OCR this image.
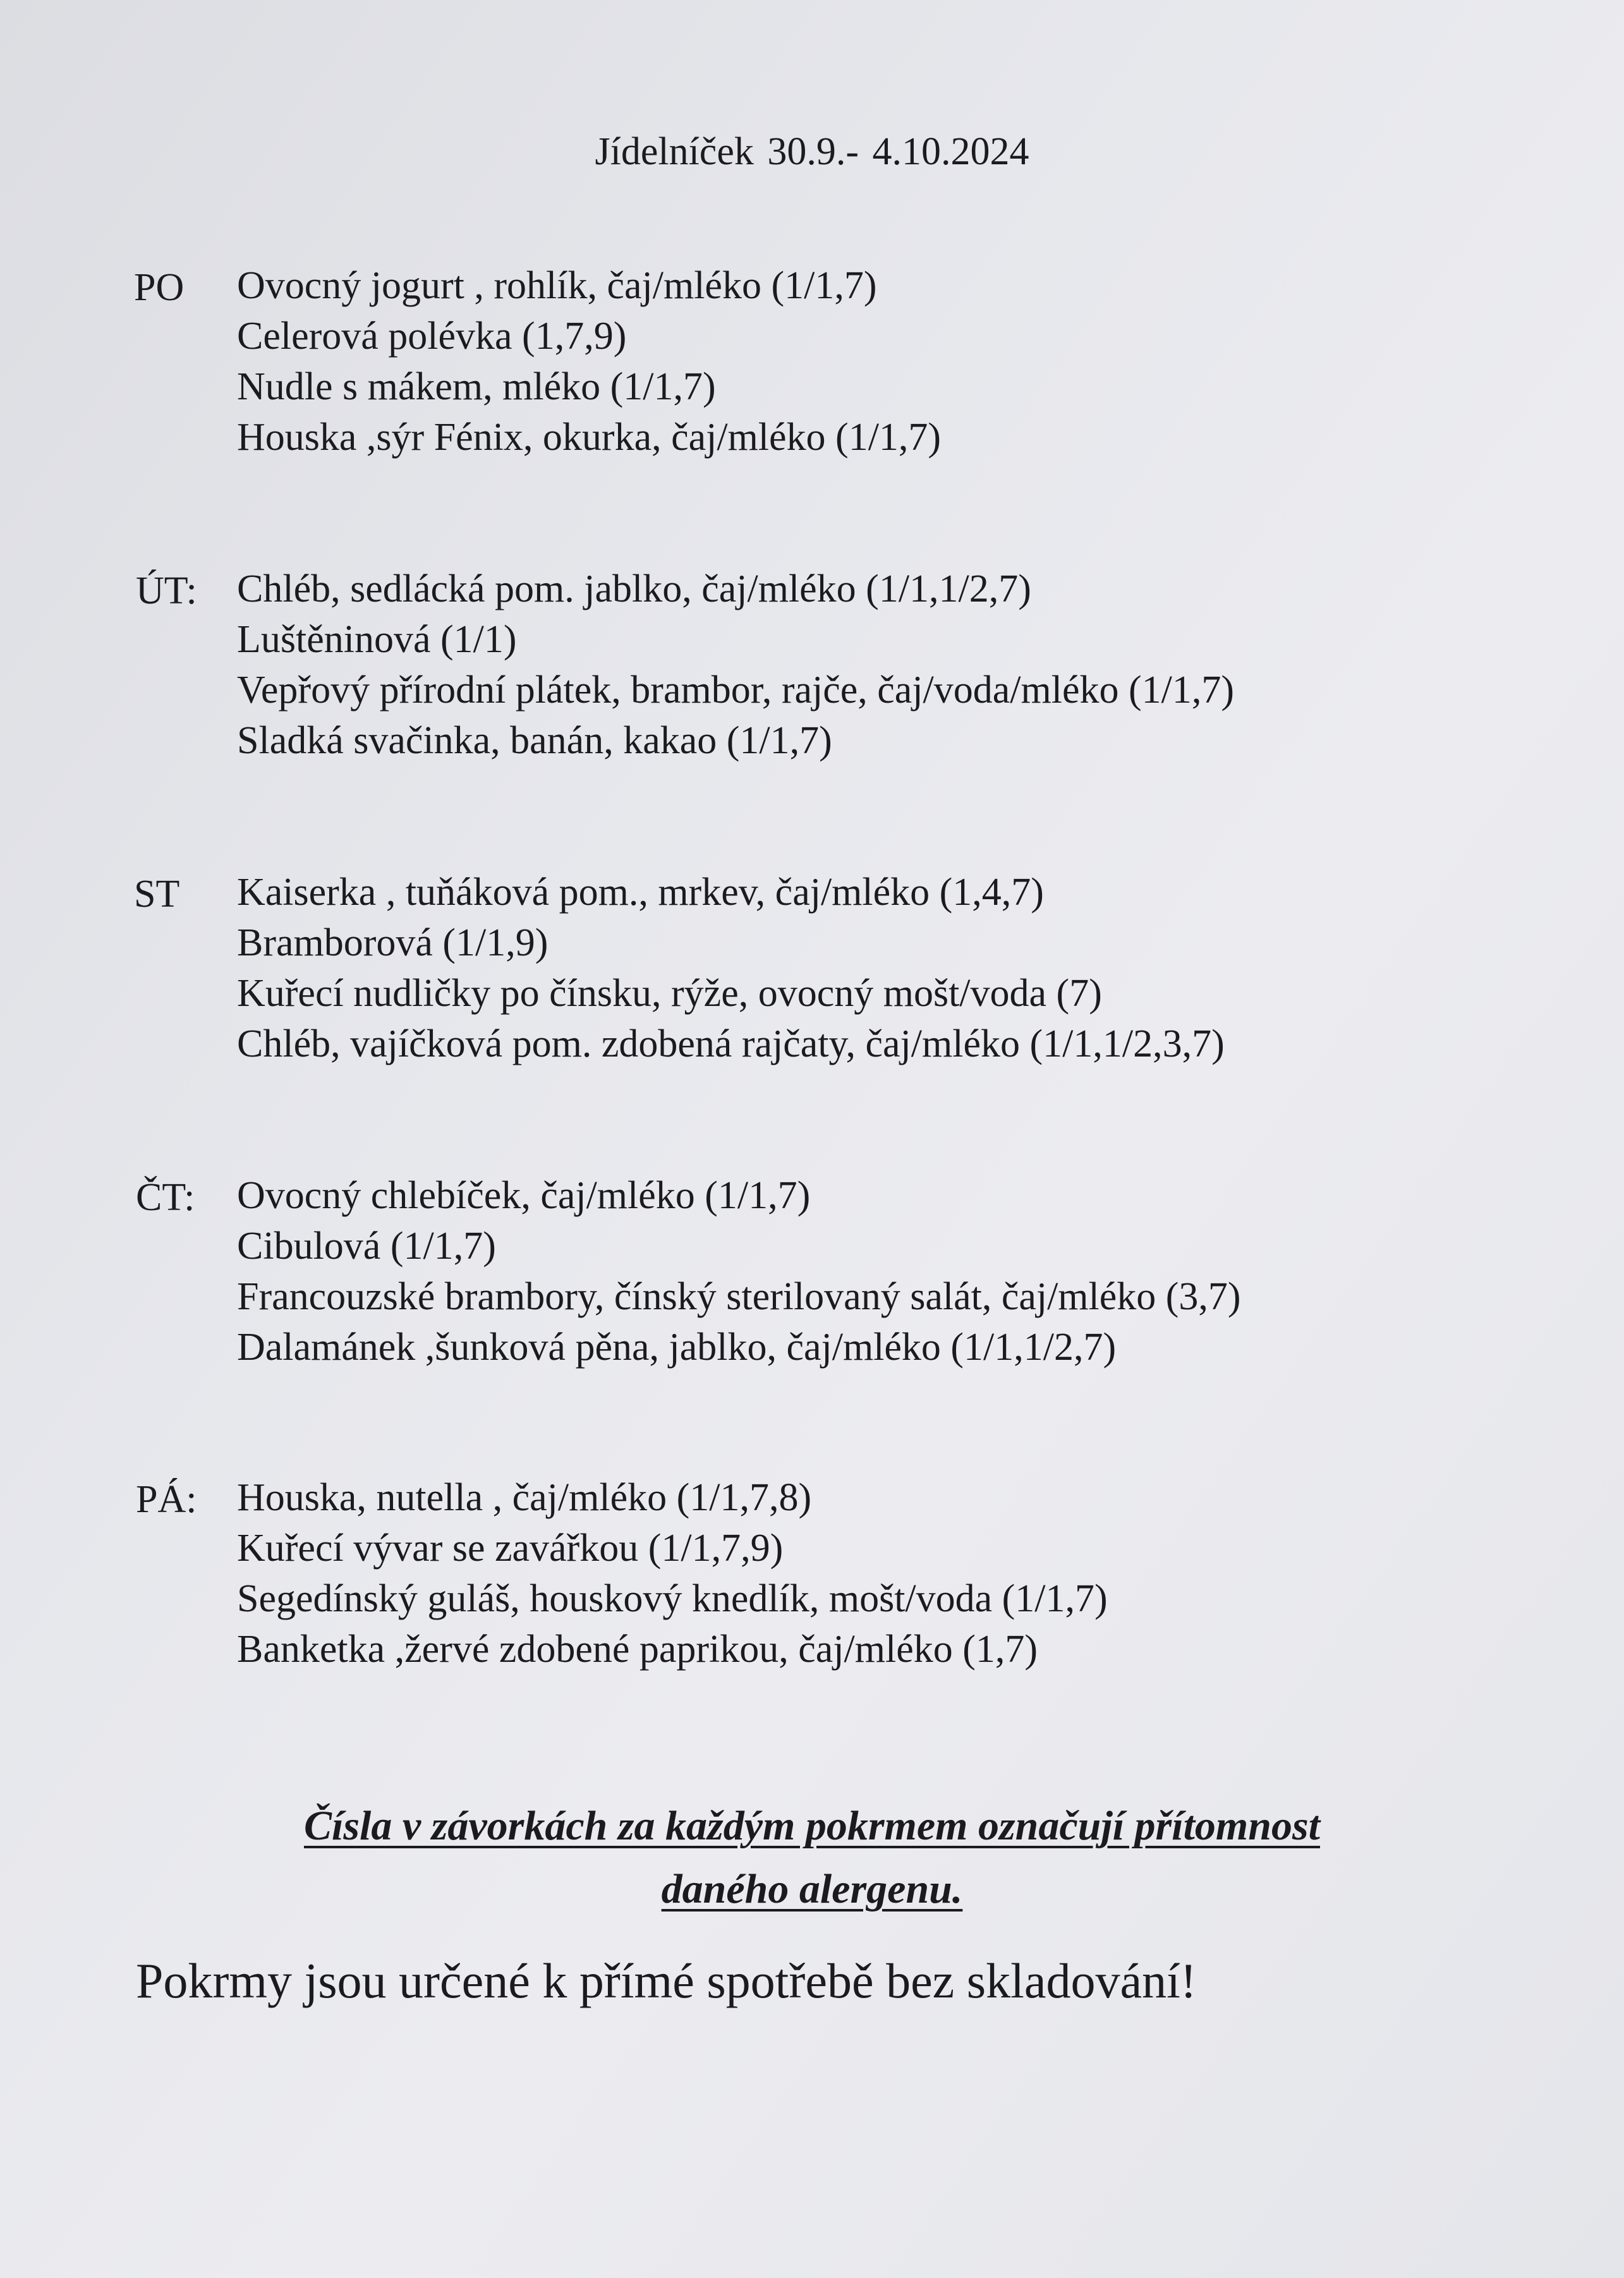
Jídelníček 30.9.- 4.10.2024
PO Ovocný jogurt , rohlík, čaj/mléko (1/1,7)
Celerová polévka (1,7,9)
Nudle s mákem, mléko (1/1,7)
Houska ,sýr Fénix, okurka, čaj/mléko (1/1,7)
ÚT: Chléb, sedlácká pom. jablko, čaj/mléko (1/1,1/2,7)
Luštěninová (1/1)
Vepřový přírodní plátek, brambor, rajče, čaj/voda/mléko (1/1,7)
Sladká svačinka, banán, kakao (1/1,7)
ST Kaiserka , tuňáková pom., mrkev, čaj/mléko (1,4,7)
Bramborová (1/1,9)
Kuřecí nudličky po čínsku, rýže, ovocný mošt/voda (7)
Chléb, vajíčková pom. zdobená rajčaty, čaj/mléko (1/1,1/2,3,7)
ČT: Ovocný chlebíček, čaj/mléko (1/1,7)
Cibulová (1/1,7)
Francouzské brambory, čínský sterilovaný salát, čaj/mléko (3,7)
Dalamánek ,šunková pěna, jablko, čaj/mléko (1/1,1/2,7)
PÁ: Houska, nutella , čaj/mléko (1/1,7,8)
Kuřecí vývar se zavářkou (1/1,7,9)
Segedínský guláš, houskový knedlík, mošt/voda (1/1,7)
Banketka ,žervé zdobené paprikou, čaj/mléko (1,7)
Čísla v závorkách za každým pokrmem označují přítomnost
daného alergenu.
Pokrmy jsou určené k přímé spotřebě bez skladování!
